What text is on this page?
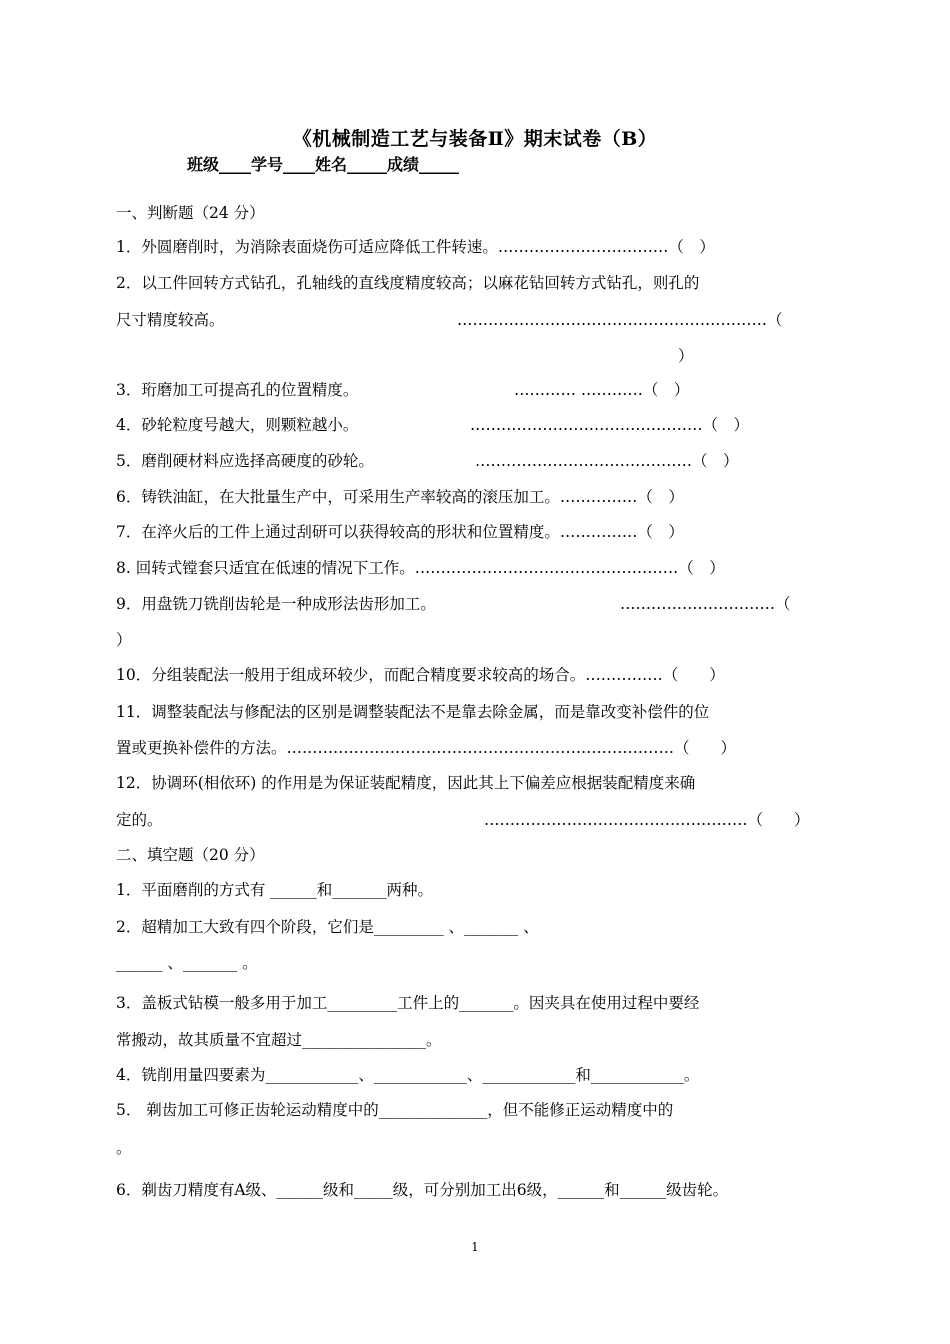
《机械制造工艺与装备Ⅱ》期末试卷（B）
班级____学号____姓名_____成绩_____
一、判断题（24 分）
1．外圆磨削时，为消除表面烧伤可适应降低工件转速。……………………………（　）
2．以工件回转方式钻孔，孔轴线的直线度精度较高；以麻花钻回转方式钻孔，则孔的
尺寸精度较高。	……………………………………………………（
）
3．珩磨加工可提高孔的位置精度。	………… …………（　）
4．砂轮粒度号越大，则颗粒越小。	………………………………………（　）
5．磨削硬材料应选择高硬度的砂轮。	……………………………………（　）
6．铸铁油缸，在大批量生产中，可采用生产率较高的滚压加工。……………（　）
7．在淬火后的工件上通过刮研可以获得较高的形状和位置精度。……………（　）
8. 回转式镗套只适宜在低速的情况下工作。……………………………………………（　）
9．用盘铣刀铣削齿轮是一种成形法齿形加工。	…………………………（
）
10．分组装配法一般用于组成环较少，而配合精度要求较高的场合。……………（　　）
11．调整装配法与修配法的区别是调整装配法不是靠去除金属，而是靠改变补偿件的位
置或更换补偿件的方法。…………………………………………………………………（　　）
12．协调环(相依环) 的作用是为保证装配精度，因此其上下偏差应根据装配精度来确
定的。	……………………………………………（　　）
二、填空题（20 分）
1．平面磨削的方式有 ______和_______两种。
2．超精加工大致有四个阶段，它们是_________ 、_______ 、
______ 、_______ 。
3．盖板式钻模一般多用于加工_________工件上的_______。因夹具在使用过程中要经
常搬动，故其质量不宜超过________________。
4．铣削用量四要素为____________、____________、____________和____________。
5． 剃齿加工可修正齿轮运动精度中的______________，但不能修正运动精度中的
。
6．剃齿刀精度有A级、______级和_____级，可分别加工出6级，______和______级齿轮。
1
